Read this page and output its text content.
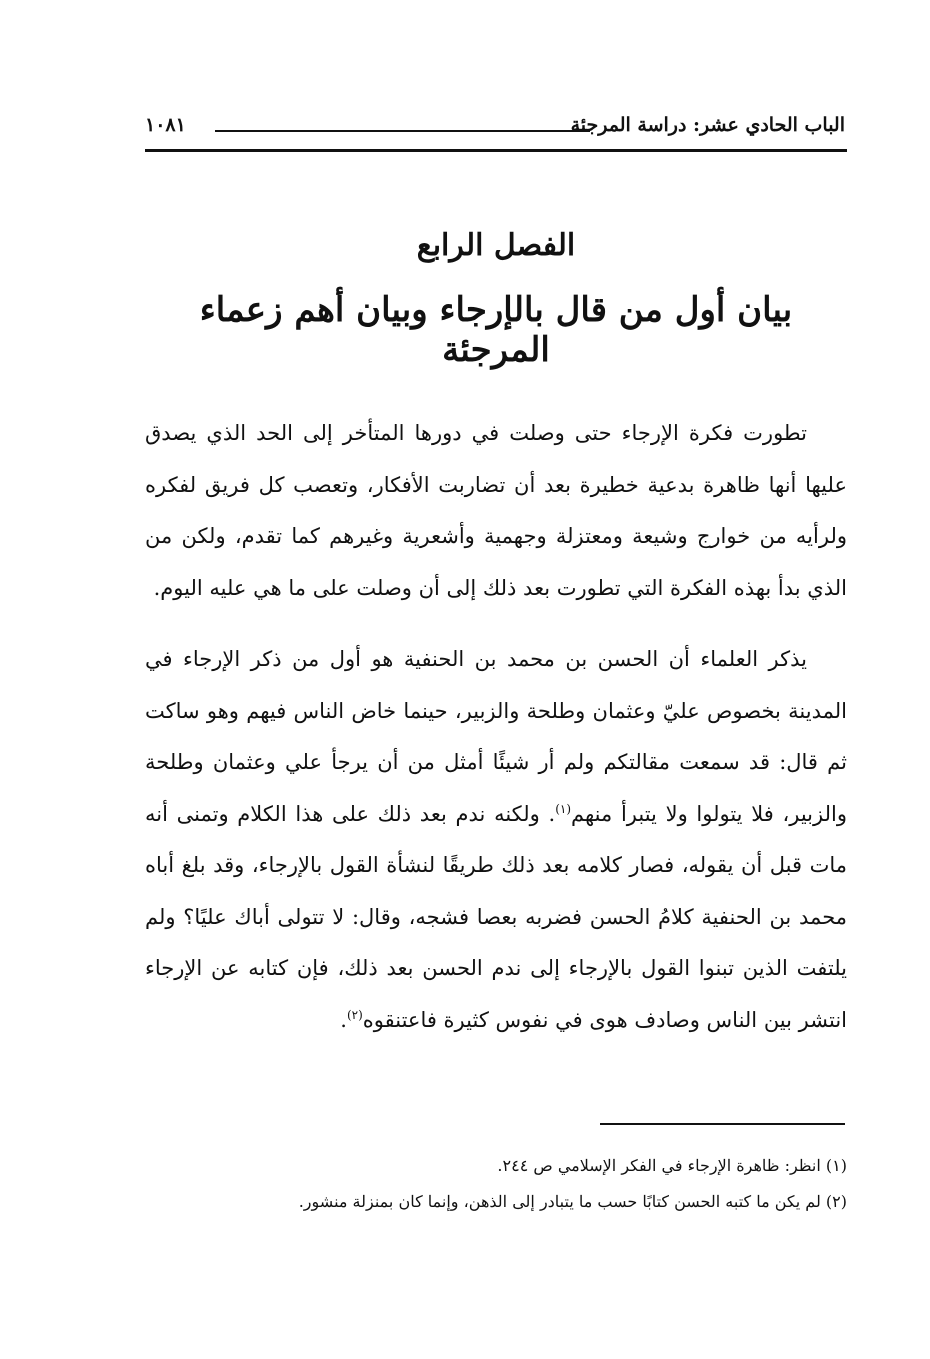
الباب الحادي عشر: دراسة المرجئة
١٠٨١
الفصل الرابع
بيان أول من قال بالإرجاء وبيان أهم زعماء المرجئة

تطورت فكرة الإرجاء حتى وصلت في دورها المتأخر إلى الحد الذي يصدق عليها أنها ظاهرة بدعية خطيرة بعد أن تضاربت الأفكار، وتعصب كل فريق لفكره ولرأيه من خوارج وشيعة ومعتزلة وجهمية وأشعرية وغيرهم كما تقدم، ولكن من الذي بدأ بهذه الفكرة التي تطورت بعد ذلك إلى أن وصلت على ما هي عليه اليوم.

يذكر العلماء أن الحسن بن محمد بن الحنفية هو أول من ذكر الإرجاء في المدينة بخصوص عليّ وعثمان وطلحة والزبير، حينما خاض الناس فيهم وهو ساكت ثم قال: قد سمعت مقالتكم ولم أر شيئًا أمثل من أن يرجأ علي وعثمان وطلحة والزبير، فلا يتولوا ولا يتبرأ منهم$^{(١)}$. ولكنه ندم بعد ذلك على هذا الكلام وتمنى أنه مات قبل أن يقوله، فصار كلامه بعد ذلك طريقًا لنشأة القول بالإرجاء، وقد بلغ أباه محمد بن الحنفية كلامُ الحسن فضربه بعصا فشجه، وقال: لا تتولى أباك عليًا؟ ولم يلتفت الذين تبنوا القول بالإرجاء إلى ندم الحسن بعد ذلك، فإن كتابه عن الإرجاء انتشر بين الناس وصادف هوى في نفوس كثيرة فاعتنقوه$^{(٢)}$.

(١) انظر: ظاهرة الإرجاء في الفكر الإسلامي ص ٢٤٤.

(٢) لم يكن ما كتبه الحسن كتابًا حسب ما يتبادر إلى الذهن، وإنما كان بمنزلة منشور.
